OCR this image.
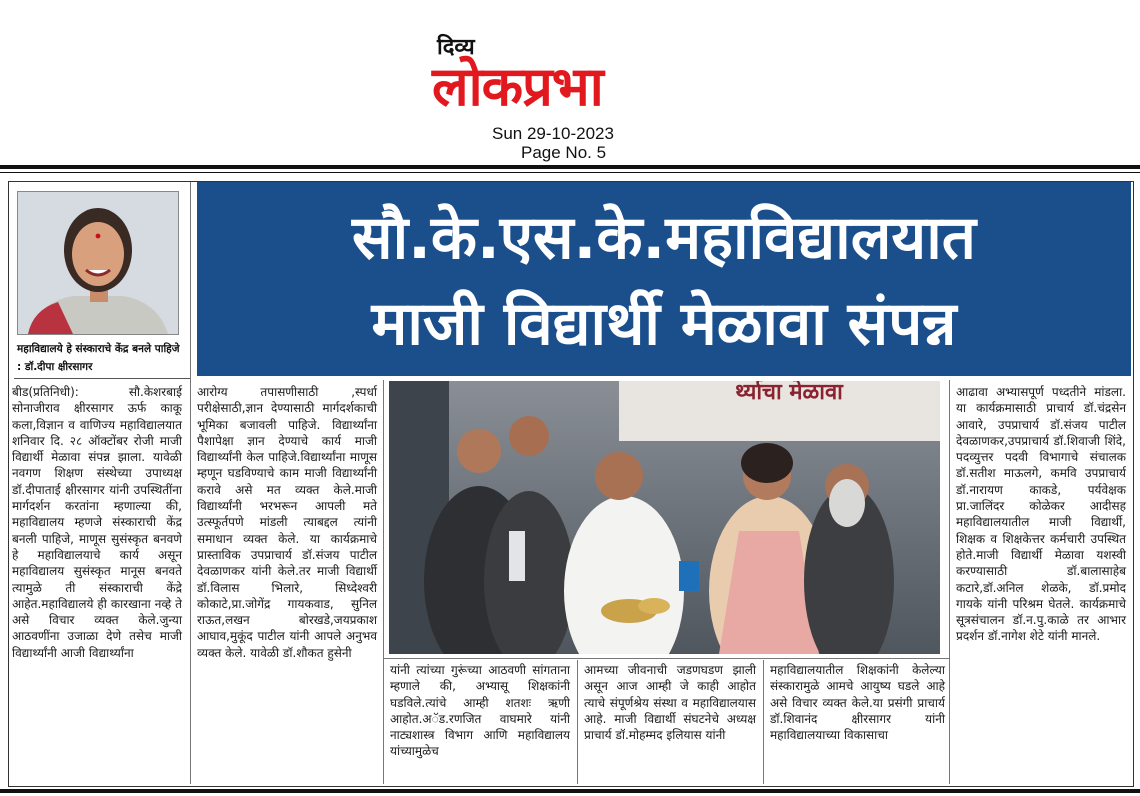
दिव्य
लोकप्रभा
Sun 29-10-2023
Page No. 5
महाविद्यालये हे संस्काराचे केंद्र बनले पाहिजे : डॉ.दीपा क्षीरसागर
सौ.के.एस.के.महाविद्यालयात
माजी विद्यार्थी मेळावा संपन्न
र्थ्याचा मेळावा

बीड(प्रतिनिधी): सौ.केशरबाई सोनाजीराव क्षीरसागर ऊर्फ काकू कला,विज्ञान व वाणिज्य महाविद्यालयात शनिवार दि. २८ ऑक्टोंबर रोजी माजी विद्यार्थी मेळावा संपन्न झाला. यावेळी नवगण शिक्षण संस्थेच्या उपाध्यक्ष डॉ.दीपाताई क्षीरसागर यांनी उपस्थितींना मार्गदर्शन करतांना म्हणाल्या की, महाविद्यालय म्हणजे संस्काराची केंद्र बनली पाहिजे, माणूस सुसंस्कृत बनवणे हे महाविद्यालयाचे कार्य असून महाविद्यालय सुसंस्कृत मानूस बनवते त्यामुळे ती संस्काराची केंद्रे आहेत.महाविद्यालये ही कारखाना नव्हे ते असे विचार व्यक्त केले.जुन्या आठवणींना उजाळा देणे तसेच माजी विद्यार्थ्यांनी आजी विद्यार्थ्यांना

आरोग्य तपासणीसाठी ,स्पर्धा परीक्षेसाठी,ज्ञान देण्यासाठी मार्गदर्शकाची भूमिका बजावली पाहिजे. विद्यार्थ्यांना पैशापेक्षा ज्ञान देण्याचे कार्य माजी विद्यार्थ्यांनी केल पाहिजे.विद्यार्थ्यांना माणूस म्हणून घडविण्याचे काम माजी विद्यार्थ्यांनी करावे असे मत व्यक्त केले.माजी विद्यार्थ्यांनी भरभरून आपली मते उत्स्फूर्तपणे मांडली त्याबद्दल त्यांनी समाधान व्यक्त केले. या कार्यक्रमाचे प्रास्ताविक उपप्राचार्य डॉ.संजय पाटील देवळाणकर यांनी केले.तर माजी विद्यार्थी डॉ.विलास भिलारे, सिध्देश्वरी कोकाटे,प्रा.जोगेंद्र गायकवाड, सुनिल राऊत,लखन बोरखडे,जयप्रकाश आघाव,मुकूंद पाटील यांनी आपले अनुभव व्यक्त केले. यावेळी डॉ.शौकत हुसेनी

यांनी त्यांच्या गुरूंच्या आठवणी सांगताना म्हणाले की, अभ्यासू शिक्षकांनी घडविले.त्यांचे आम्ही शतशः ऋणी आहोत.अॅड.रणजित वाघमारे यांनी नाट्यशास्त्र विभाग आणि महाविद्यालय यांच्यामुळेच

आमच्या जीवनाची जडणघडण झाली असून आज आम्ही जे काही आहोत त्याचे संपूर्णश्रेय संस्था व महाविद्यालयास आहे. माजी विद्यार्थी संघटनेचे अध्यक्ष प्राचार्य डॉ.मोहम्मद इलियास यांनी

महाविद्यालयातील शिक्षकांनी केलेल्या संस्कारामुळे आमचे आयुष्य घडले आहे असे विचार व्यक्त केले.या प्रसंगी प्राचार्य डॉ.शिवानंद क्षीरसागर यांनी महाविद्यालयाच्या विकासाचा

आढावा अभ्यासपूर्ण पध्दतीने मांडला. या कार्यक्रमासाठी प्राचार्य डॉ.चंद्रसेन आवारे, उपप्राचार्य डॉ.संजय पाटील देवळाणकर,उपप्राचार्य डॉ.शिवाजी शिंदे, पदव्युत्तर पदवी विभागाचे संचालक डॉ.सतीश माऊलगे, कमवि उपप्राचार्य डॉ.नारायण काकडे, पर्यवेक्षक प्रा.जालिंदर कोळेकर आदीसह महाविद्यालयातील माजी विद्यार्थी, शिक्षक व शिक्षकेत्तर कर्मचारी उपस्थित होते.माजी विद्यार्थी मेळावा यशस्वी करण्यासाठी डॉ.बालासाहेब कटारे,डॉ.अनिल शेळके, डॉ.प्रमोद गायके यांनी परिश्रम घेतले. कार्यक्रमाचे सूत्रसंचालन डॉ.न.पु.काळे तर आभार प्रदर्शन डॉ.नागेश शेटे यांनी मानले.
